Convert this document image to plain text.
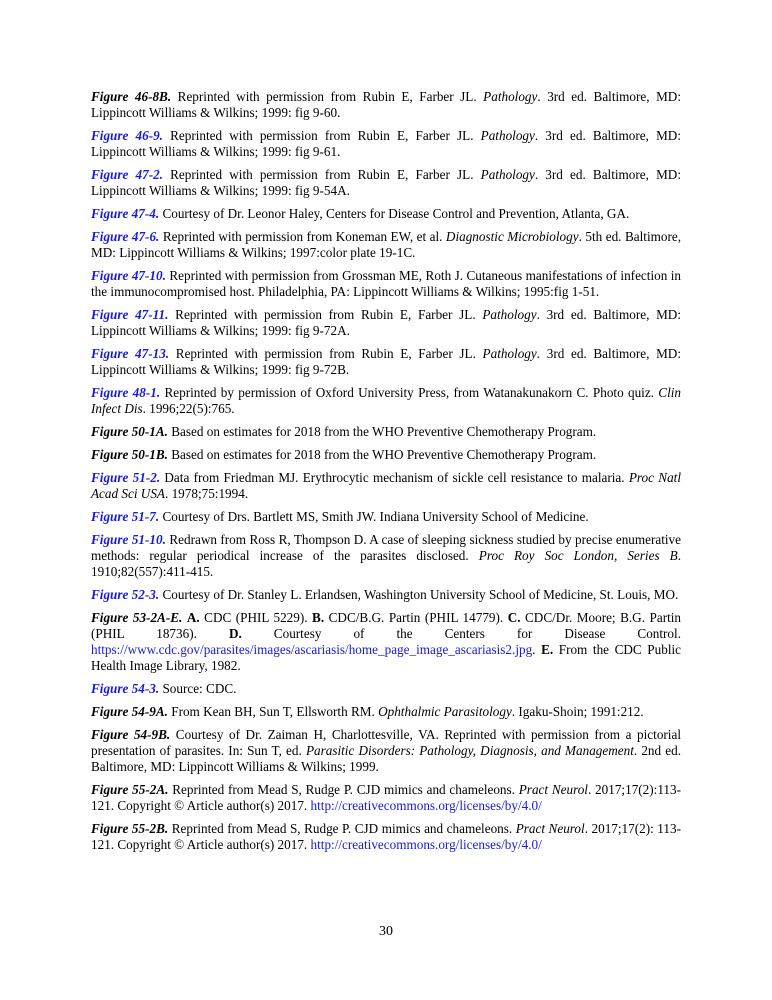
Figure 46-8B. Reprinted with permission from Rubin E, Farber JL. Pathology. 3rd ed. Baltimore, MD: Lippincott Williams & Wilkins; 1999: fig 9-60.

Figure 46-9. Reprinted with permission from Rubin E, Farber JL. Pathology. 3rd ed. Baltimore, MD: Lippincott Williams & Wilkins; 1999: fig 9-61.

Figure 47-2. Reprinted with permission from Rubin E, Farber JL. Pathology. 3rd ed. Baltimore, MD: Lippincott Williams & Wilkins; 1999: fig 9-54A.

Figure 47-4. Courtesy of Dr. Leonor Haley, Centers for Disease Control and Prevention, Atlanta, GA.

Figure 47-6. Reprinted with permission from Koneman EW, et al. Diagnostic Microbiology. 5th ed. Baltimore, MD: Lippincott Williams & Wilkins; 1997:color plate 19-1C.

Figure 47-10. Reprinted with permission from Grossman ME, Roth J. Cutaneous manifestations of infection in the immunocompromised host. Philadelphia, PA: Lippincott Williams & Wilkins; 1995:fig 1-51.

Figure 47-11. Reprinted with permission from Rubin E, Farber JL. Pathology. 3rd ed. Baltimore, MD: Lippincott Williams & Wilkins; 1999: fig 9-72A.

Figure 47-13. Reprinted with permission from Rubin E, Farber JL. Pathology. 3rd ed. Baltimore, MD: Lippincott Williams & Wilkins; 1999: fig 9-72B.

Figure 48-1. Reprinted by permission of Oxford University Press, from Watanakunakorn C. Photo quiz. Clin Infect Dis. 1996;22(5):765.

Figure 50-1A. Based on estimates for 2018 from the WHO Preventive Chemotherapy Program.

Figure 50-1B. Based on estimates for 2018 from the WHO Preventive Chemotherapy Program.

Figure 51-2. Data from Friedman MJ. Erythrocytic mechanism of sickle cell resistance to malaria. Proc Natl Acad Sci USA. 1978;75:1994.

Figure 51-7. Courtesy of Drs. Bartlett MS, Smith JW. Indiana University School of Medicine.

Figure 51-10. Redrawn from Ross R, Thompson D. A case of sleeping sickness studied by precise enumerative methods: regular periodical increase of the parasites disclosed. Proc Roy Soc London, Series B. 1910;82(557):411-415.

Figure 52-3. Courtesy of Dr. Stanley L. Erlandsen, Washington University School of Medicine, St. Louis, MO.

Figure 53-2A-E. A. CDC (PHIL 5229). B. CDC/B.G. Partin (PHIL 14779). C. CDC/Dr. Moore; B.G. Partin (PHIL 18736). D. Courtesy of the Centers for Disease Control. https://www.cdc.gov/parasites/images/ascariasis/home_page_image_ascariasis2.jpg. E. From the CDC Public Health Image Library, 1982.

Figure 54-3. Source: CDC.

Figure 54-9A. From Kean BH, Sun T, Ellsworth RM. Ophthalmic Parasitology. Igaku-Shoin; 1991:212.

Figure 54-9B. Courtesy of Dr. Zaiman H, Charlottesville, VA. Reprinted with permission from a pictorial presentation of parasites. In: Sun T, ed. Parasitic Disorders: Pathology, Diagnosis, and Management. 2nd ed. Baltimore, MD: Lippincott Williams & Wilkins; 1999.

Figure 55-2A. Reprinted from Mead S, Rudge P. CJD mimics and chameleons. Pract Neurol. 2017;17(2):113-121. Copyright © Article author(s) 2017. http://creativecommons.org/licenses/by/4.0/

Figure 55-2B. Reprinted from Mead S, Rudge P. CJD mimics and chameleons. Pract Neurol. 2017;17(2): 113-121. Copyright © Article author(s) 2017. http://creativecommons.org/licenses/by/4.0/

30
